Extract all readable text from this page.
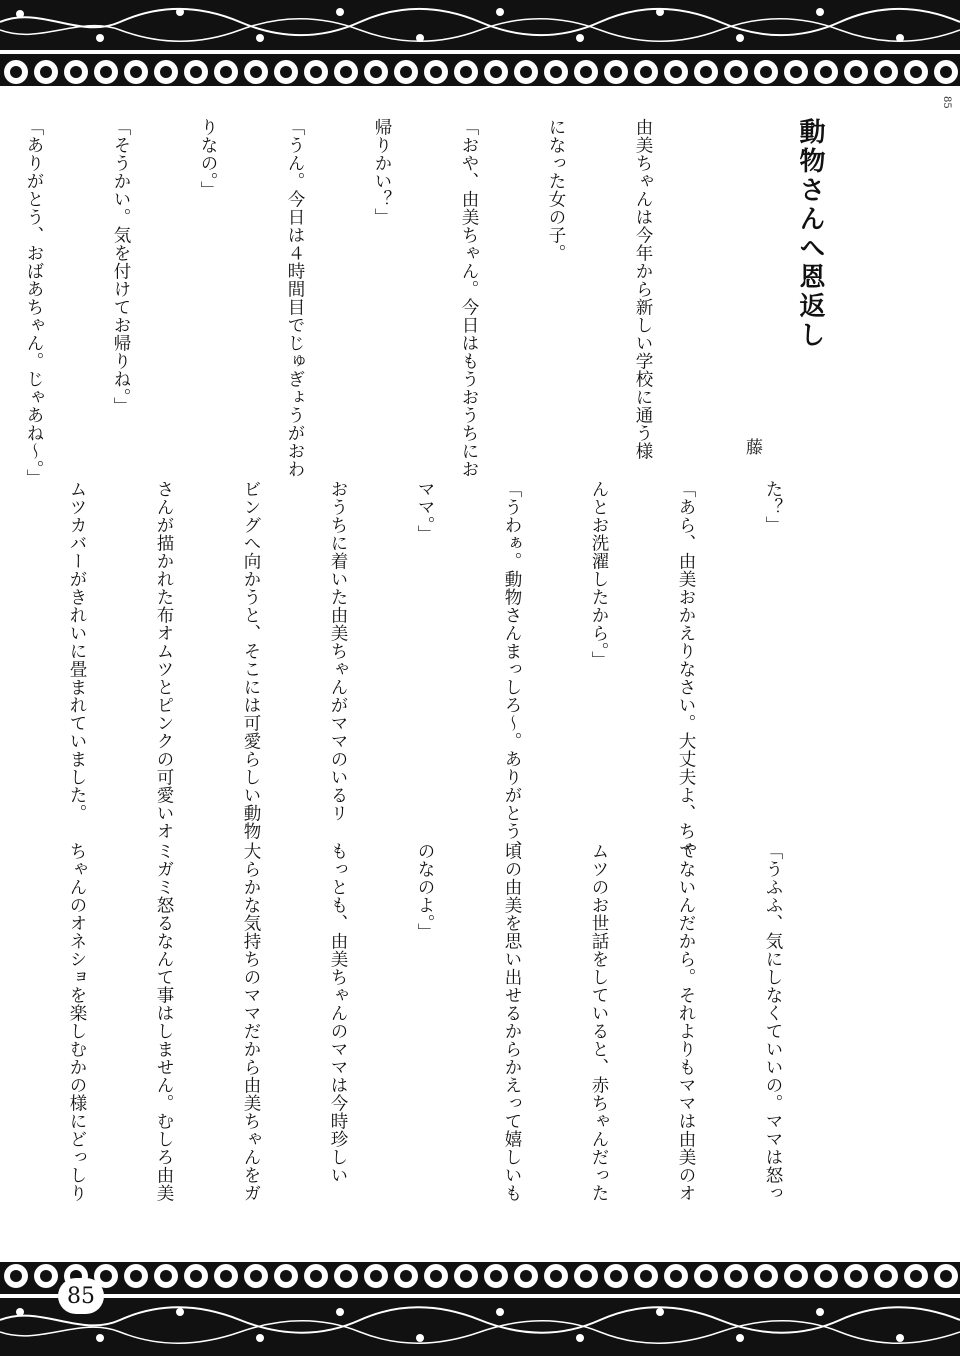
85
動物さんへ恩返し
藤

由美ちゃんは今年から新しい学校に通う様

になった女の子。

「おや、由美ちゃん。今日はもうおうちにお

帰りかい？」

「うん。今日は４時間目でじゅぎょうがおわ

りなの。」

「そうかい。気を付けてお帰りね。」

「ありがとう、おばあちゃん。じゃあね～。」

た？」

「あら、由美おかえりなさい。大丈夫よ、ちゃ

んとお洗濯したから。」

「うわぁ。動物さんまっしろ～。ありがとう、

ママ。」

おうちに着いた由美ちゃんがママのいるリ

ビングへ向かうと、そこには可愛らしい動物

さんが描かれた布オムツとピンクの可愛いオ

ムツカバーがきれいに畳まれていました。

「うふふ、気にしなくていいの。ママは怒っ

てないんだから。それよりもママは由美のオ

ムツのお世話をしていると、赤ちゃんだった

頃の由美を思い出せるからかえって嬉しいも

のなのよ。」

もっとも、由美ちゃんのママは今時珍しい

大らかな気持ちのママだから由美ちゃんをガ

ミガミ怒るなんて事はしません。むしろ由美

ちゃんのオネショを楽しむかの様にどっしり

85
